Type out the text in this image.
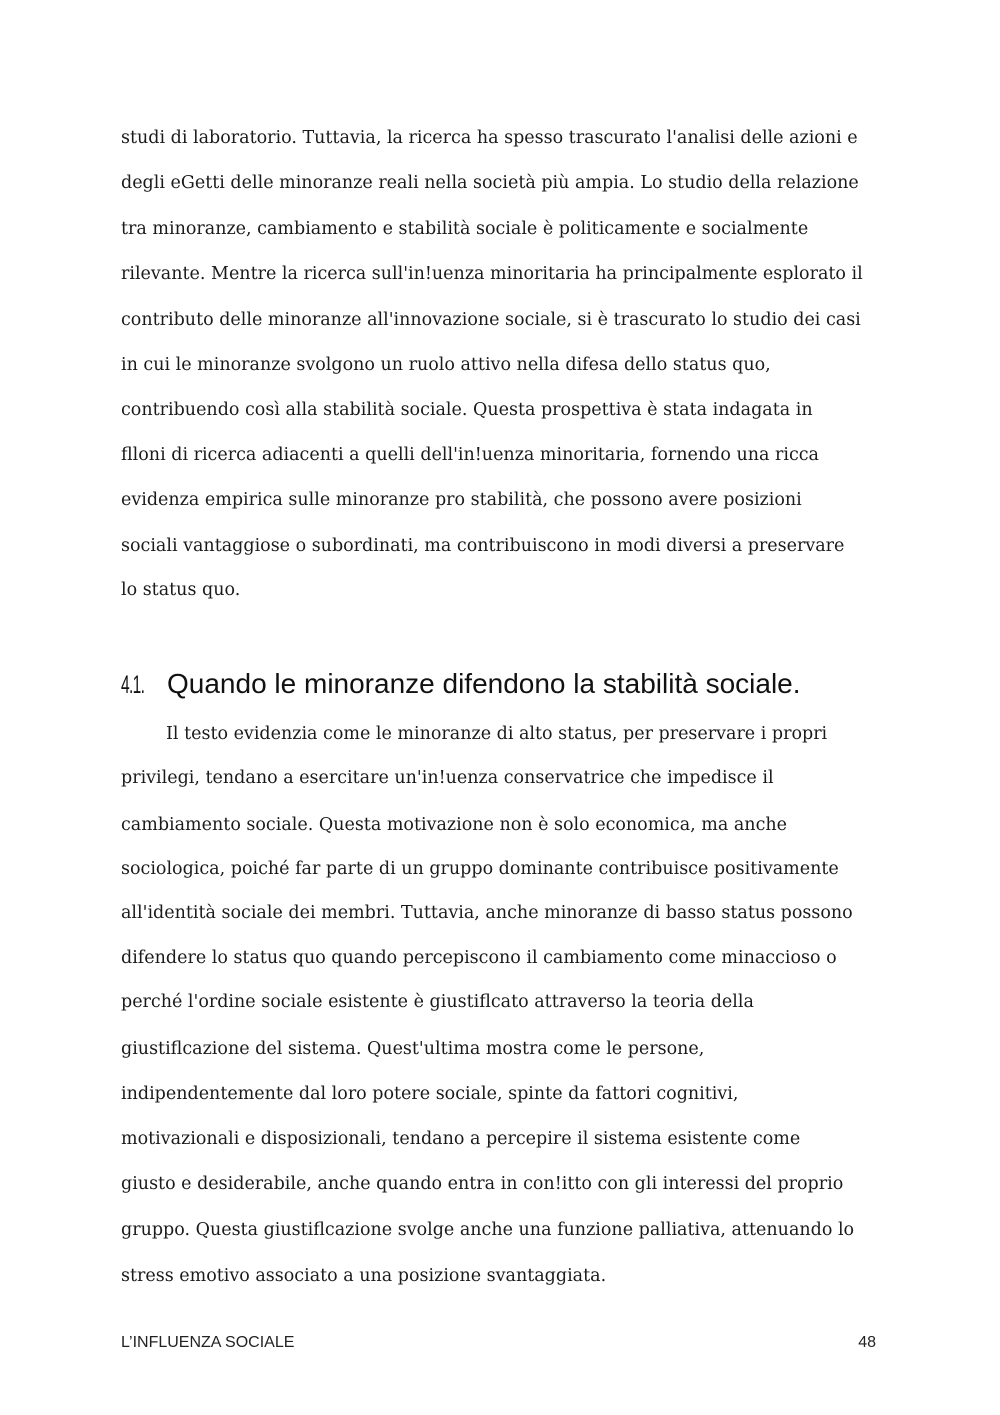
studi di laboratorio. Tuttavia, la ricerca ha spesso trascurato l'analisi delle azioni e
degli eGetti delle minoranze reali nella società più ampia. Lo studio della relazione
tra minoranze, cambiamento e stabilità sociale è politicamente e socialmente
rilevante. Mentre la ricerca sull'in!uenza minoritaria ha principalmente esplorato il
contributo delle minoranze all'innovazione sociale, si è trascurato lo studio dei casi
in cui le minoranze svolgono un ruolo attivo nella difesa dello status quo,
contribuendo così alla stabilità sociale. Questa prospettiva è stata indagata in
flloni di ricerca adiacenti a quelli dell'in!uenza minoritaria, fornendo una ricca
evidenza empirica sulle minoranze pro stabilità, che possono avere posizioni
sociali vantaggiose o subordinati, ma contribuiscono in modi diversi a preservare
lo status quo.
4.1. Quando le minoranze difendono la stabilità sociale.
Il testo evidenzia come le minoranze di alto status, per preservare i propri
privilegi, tendano a esercitare un'in!uenza conservatrice che impedisce il
cambiamento sociale. Questa motivazione non è solo economica, ma anche
sociologica, poiché far parte di un gruppo dominante contribuisce positivamente
all'identità sociale dei membri. Tuttavia, anche minoranze di basso status possono
difendere lo status quo quando percepiscono il cambiamento come minaccioso o
perché l'ordine sociale esistente è giustiflcato attraverso la teoria della
giustiflcazione del sistema. Quest'ultima mostra come le persone,
indipendentemente dal loro potere sociale, spinte da fattori cognitivi,
motivazionali e disposizionali, tendano a percepire il sistema esistente come
giusto e desiderabile, anche quando entra in con!itto con gli interessi del proprio
gruppo. Questa giustiflcazione svolge anche una funzione palliativa, attenuando lo
stress emotivo associato a una posizione svantaggiata.
L’INFLUENZA SOCIALE	48
